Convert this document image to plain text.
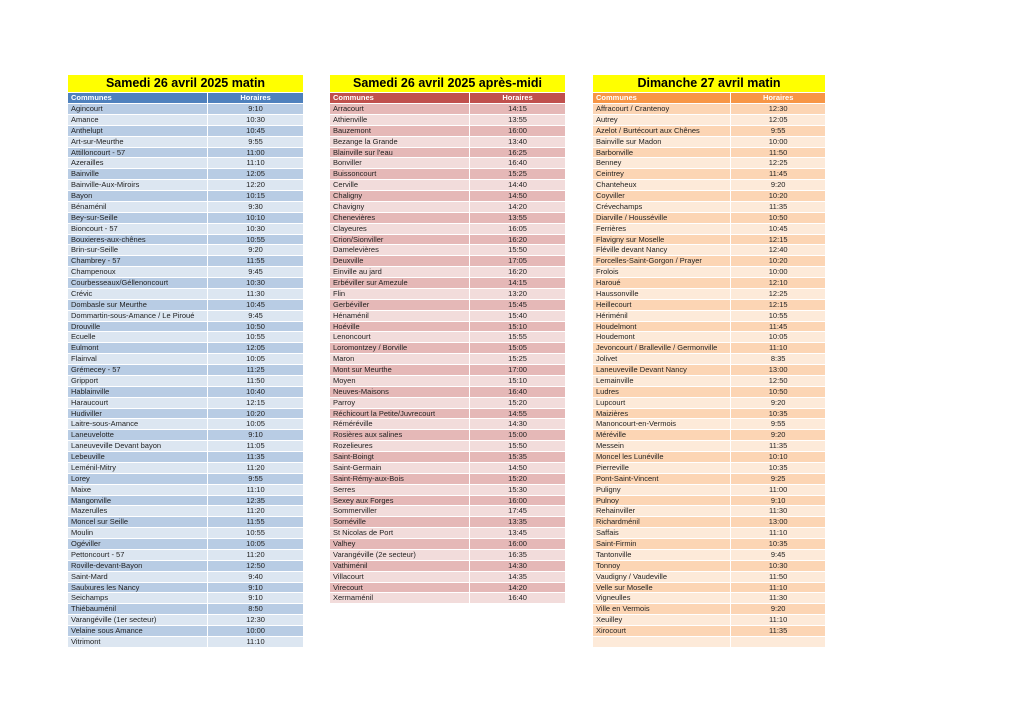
Samedi 26 avril 2025 matin
Communes	Horaires
Agincourt	9:10
Amance	10:30
Anthelupt	10:45
Art-sur-Meurthe	9:55
Attilloncourt - 57	11:00
Azerailles	11:10
Bainville	12:05
Bainville-Aux-Miroirs	12:20
Bayon	10:15
Bénaménil	9:30
Bey-sur-Seille	10:10
Bioncourt - 57	10:30
Bouxieres-aux-chênes	10:55
Brin-sur-Seille	9:20
Chambrey - 57	11:55
Champenoux	9:45
Courbesseaux/Géllenoncourt	10:30
Crévic	11:30
Dombasle sur Meurthe	10:45
Dommartin-sous-Amance / Le Piroué	9:45
Drouville	10:50
Ecuelle	10:55
Eulmont	12:05
Flainval	10:05
Grémecey - 57	11:25
Gripport	11:50
Hablainville	10:40
Haraucourt	12:15
Hudiviller	10:20
Laitre-sous-Amance	10:05
Laneuvelotte	9:10
Laneuveville Devant bayon	11:05
Lebeuville	11:35
Leménil-Mitry	11:20
Lorey	9:55
Maixe	11:10
Mangonville	12:35
Mazerulles	11:20
Moncel sur Seille	11:55
Moulin	10:55
Ogéviller	10:05
Pettoncourt - 57	11:20
Roville-devant-Bayon	12:50
Saint-Mard	9:40
Saulxures les Nancy	9:10
Seichamps	9:10
Thiébauménil	8:50
Varangéville (1er secteur)	12:30
Velaine sous Amance	10:00
Vitrimont	11:10
Samedi 26 avril 2025 après-midi
Communes	Horaires
Arracourt	14:15
Athienville	13:55
Bauzemont	16:00
Bezange la Grande	13:40
Blainville sur l'eau	16:25
Bonviller	16:40
Buissoncourt	15:25
Cerville	14:40
Chaligny	14:50
Chavigny	14:20
Chenevières	13:55
Clayeures	16:05
Crion/Sionviller	16:20
Damelevières	15:50
Deuxville	17:05
Einville au jard	16:20
Erbéviller sur Amezule	14:15
Flin	13:20
Gerbéviller	15:45
Hénaménil	15:40
Hoéville	15:10
Lenoncourt	15:55
Loromontzey / Borville	15:05
Maron	15:25
Mont sur Meurthe	17:00
Moyen	15:10
Neuves-Maisons	16:40
Parroy	15:20
Réchicourt la Petite/Juvrecourt	14:55
Réméréville	14:30
Rosières aux salines	15:00
Rozelieures	15:50
Saint-Boingt	15:35
Saint-Germain	14:50
Saint-Rémy-aux-Bois	15:20
Serres	15:30
Sexey aux Forges	16:00
Sommerviller	17:45
Sornéville	13:35
St Nicolas de Port	13:45
Valhey	16:00
Varangéville (2e secteur)	16:35
Vathiménil	14:30
Villacourt	14:35
Virecourt	14:20
Xermaménil	16:40
Dimanche 27 avril matin
Communes	Horaires
Affracourt / Crantenoy	12:30
Autrey	12:05
Azelot / Burtécourt aux Chênes	9:55
Bainville sur Madon	10:00
Barbonville	11:50
Benney	12:25
Ceintrey	11:45
Chanteheux	9:20
Coyviller	10:20
Crévechamps	11:35
Diarville / Housséville	10:50
Ferrières	10:45
Flavigny sur Moselle	12:15
Fléville devant Nancy	12:40
Forcelles-Saint-Gorgon / Prayer	10:20
Frolois	10:00
Haroué	12:10
Haussonville	12:25
Heillecourt	12:15
Hériménil	10:55
Houdelmont	11:45
Houdemont	10:05
Jevoncourt / Bralleville / Germonville	11:10
Jolivet	8:35
Laneuveville Devant Nancy	13:00
Lemainville	12:50
Ludres	10:50
Lupcourt	9:20
Maizières	10:35
Manoncourt-en-Vermois	9:55
Méréville	9:20
Messein	11:35
Moncel les Lunéville	10:10
Pierreville	10:35
Pont-Saint-Vincent	9:25
Puligny	11:00
Pulnoy	9:10
Rehainviller	11:30
Richardménil	13:00
Saffais	11:10
Saint-Firmin	10:35
Tantonville	9:45
Tonnoy	10:30
Vaudigny / Vaudeville	11:50
Velle sur Moselle	11:10
Vigneulles	11:30
Ville en Vermois	9:20
Xeuilley	11:10
Xirocourt	11:35
